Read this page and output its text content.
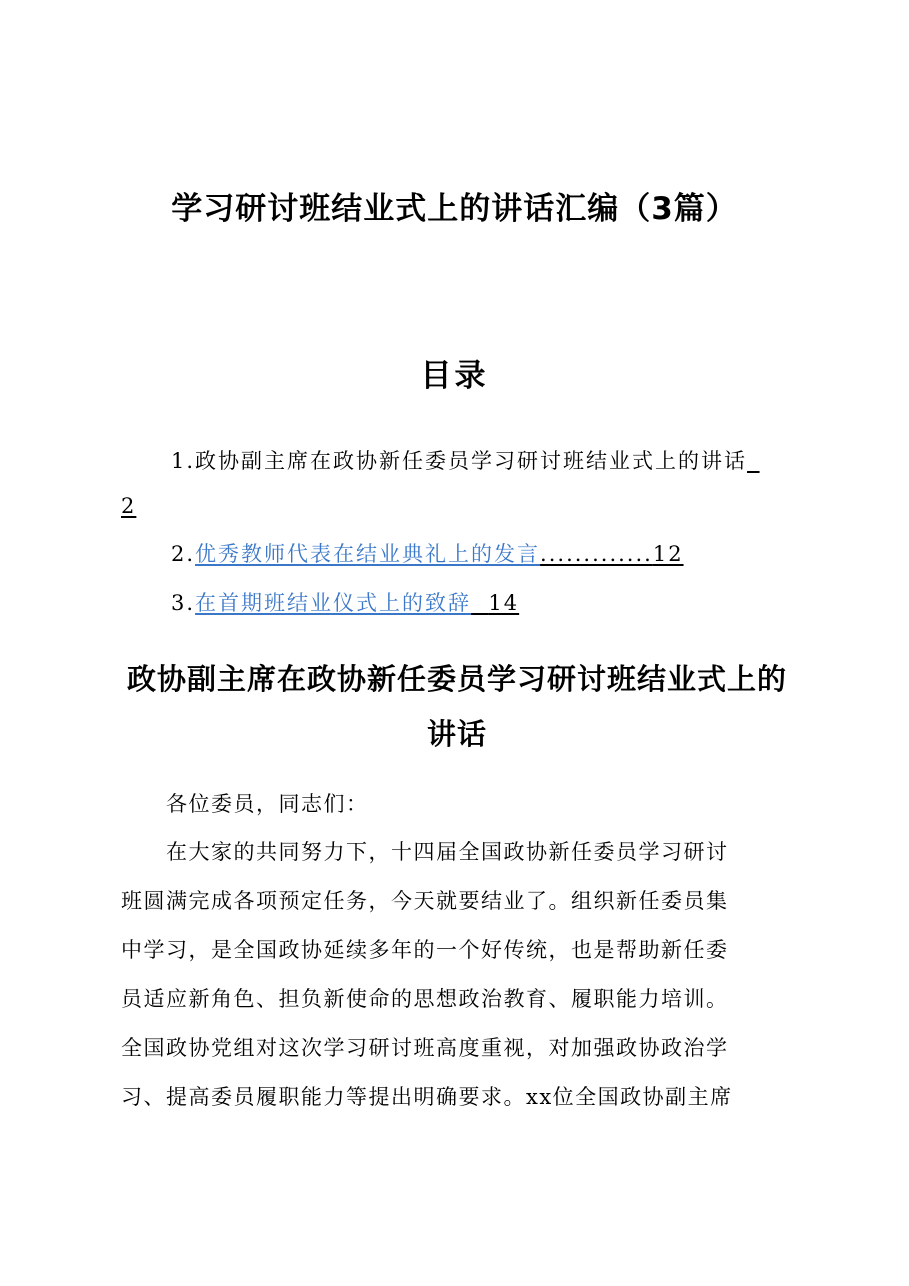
学习研讨班结业式上的讲话汇编（3篇）
目录
1.政协副主席在政协新任委员学习研讨班结业式上的讲话_
2
2.优秀教师代表在结业典礼上的发言.............12
3.在首期班结业仪式上的致辞 14
政协副主席在政协新任委员学习研讨班结业式上的讲话
　　各位委员，同志们：
　　在大家的共同努力下，十四届全国政协新任委员学习研讨
班圆满完成各项预定任务，今天就要结业了。组织新任委员集
中学习，是全国政协延续多年的一个好传统，也是帮助新任委
员适应新角色、担负新使命的思想政治教育、履职能力培训。
全国政协党组对这次学习研讨班高度重视，对加强政协政治学
习、提高委员履职能力等提出明确要求。xx位全国政协副主席
